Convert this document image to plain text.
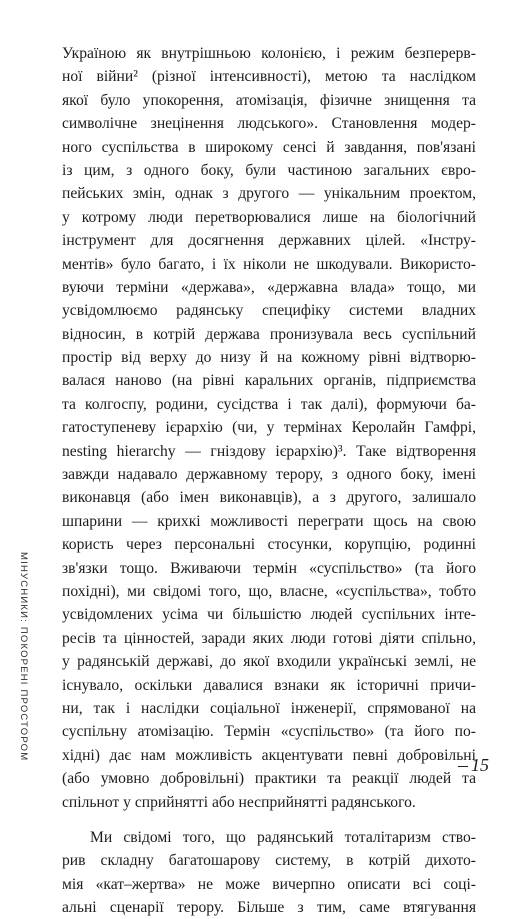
Україною як внутрішньою колонією, і режим безперерв-
ної війни² (різної інтенсивності), метою та наслідком
якої було упокорення, атомізація, фізичне знищення та
символічне знецінення людського». Становлення модер-
ного суспільства в широкому сенсі й завдання, пов'язані
із цим, з одного боку, були частиною загальних євро-
пейських змін, однак з другого — унікальним проектом,
у котрому люди перетворювалися лише на біологічний
інструмент для досягнення державних цілей. «Інстру-
ментів» було багато, і їх ніколи не шкодували. Використо-
вуючи терміни «держава», «державна влада» тощо, ми
усвідомлюємо радянську специфіку системи владних
відносин, в котрій держава пронизувала весь суспільний
простір від верху до низу й на кожному рівні відтворю-
валася наново (на рівні каральних органів, підприємства
та колгоспу, родини, сусідства і так далі), формуючи ба-
гатоступеневу ієрархію (чи, у термінах Керолайн Гамфрі,
nesting hierarchy — гніздову ієрархію)³. Таке відтворення
завжди надавало державному терору, з одного боку, імені
виконавця (або імен виконавців), а з другого, залишало
шпарини — крихкі можливості переграти щось на свою
користь через персональні стосунки, корупцію, родинні
зв'язки тощо. Вживаючи термін «суспільство» (та його
похідні), ми свідомі того, що, власне, «суспільства», тобто
усвідомлених усіма чи більшістю людей суспільних інте-
ресів та цінностей, заради яких люди готові діяти спільно,
у радянській державі, до якої входили українські землі, не
існувало, оскільки давалися взнаки як історичні причи-
ни, так і наслідки соціальної інженерії, спрямованої на
суспільну атомізацію. Термін «суспільство» (та його по-
хідні) дає нам можливість акцентувати певні добровільні
(або умовно добровільні) практики та реакції людей та
спільнот у сприйнятті або несприйнятті радянського.
Ми свідомі того, що радянський тоталітаризм ство-
рив складну багатошарову систему, в котрій дихото-
мія «кат–жертва» не може вичерпно описати всі соці-
альні сценарії терору. Більше з тим, саме втягування
МІНУСНИКИ: ПОКОРЕНІ ПРОСТОРОМ
15
